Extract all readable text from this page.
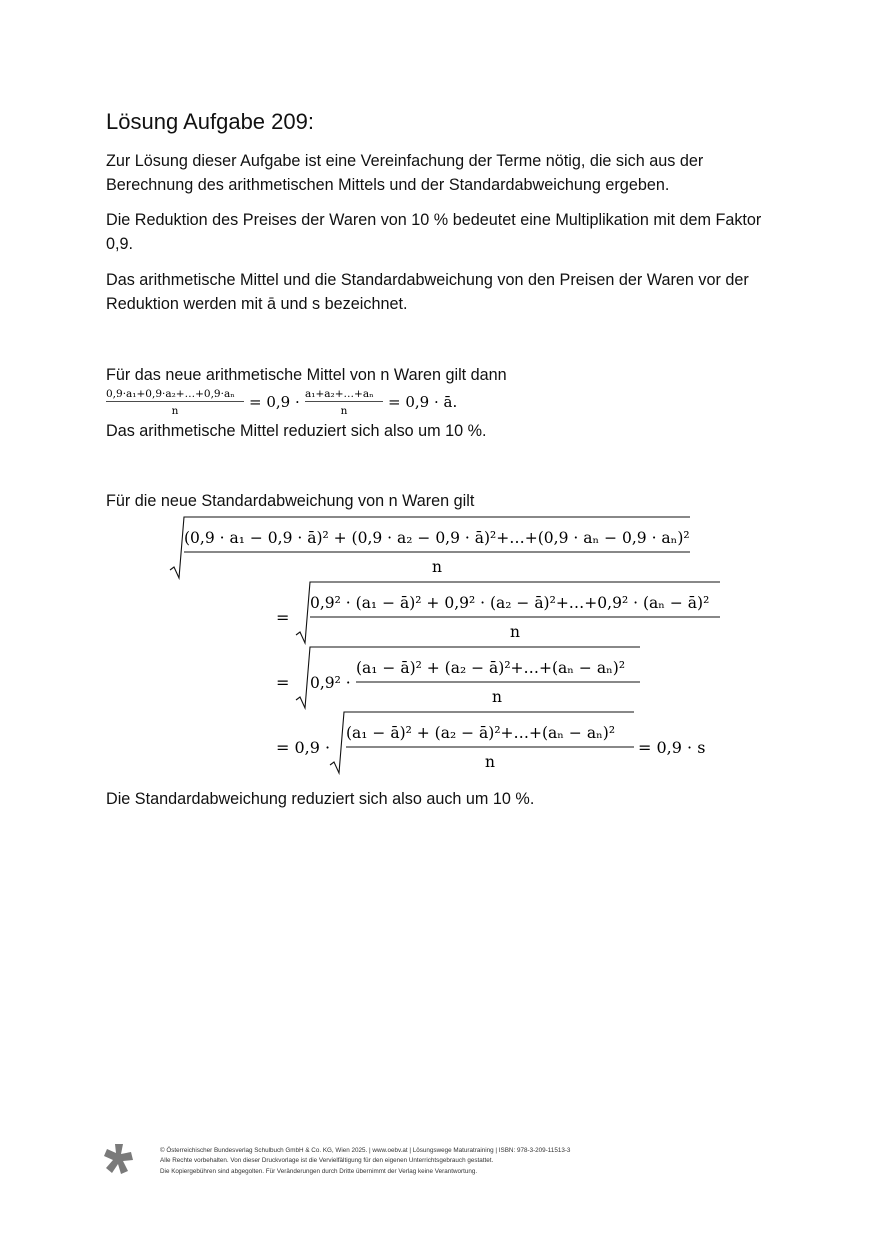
Lösung Aufgabe 209:
Zur Lösung dieser Aufgabe ist eine Vereinfachung der Terme nötig, die sich aus der
Berechnung des arithmetischen Mittels und der Standardabweichung ergeben.
Die Reduktion des Preises der Waren von 10 % bedeutet eine Multiplikation mit dem Faktor
0,9.
Das arithmetische Mittel und die Standardabweichung von den Preisen der Waren vor der
Reduktion werden mit ā und s bezeichnet.
Für das neue arithmetische Mittel von n Waren gilt dann
0,9·a₁+0,9·a₂+…+0,9·aₙ
n	= 0,9 · a₁+a₂+…+aₙ
n	= 0,9 · ā.
Das arithmetische Mittel reduziert sich also um 10 %.
Für die neue Standardabweichung von n Waren gilt
(0,9 · a₁ − 0,9 · ā)² + (0,9 · a₂ − 0,9 · ā)²+…+(0,9 · aₙ − 0,9 · aₙ)²
n
=
0,9² · (a₁ − ā)² + 0,9² · (a₂ − ā)²+…+0,9² · (aₙ − ā)²
n
= 0,9² ·
(a₁ − ā)² + (a₂ − ā)²+…+(aₙ − aₙ)²
n
= 0,9 ·
(a₁ − ā)² + (a₂ − ā)²+…+(aₙ − aₙ)²
n
= 0,9 · s
Die Standardabweichung reduziert sich also auch um 10 %.
© Österreichischer Bundesverlag Schulbuch GmbH & Co. KG, Wien 2025. | www.oebv.at | Lösungswege Maturatraining | ISBN: 978-3-209-11513-3
Alle Rechte vorbehalten. Von dieser Druckvorlage ist die Vervielfältigung für den eigenen Unterrichtsgebrauch gestattet.
Die Kopiergebühren sind abgegolten. Für Veränderungen durch Dritte übernimmt der Verlag keine Verantwortung.
